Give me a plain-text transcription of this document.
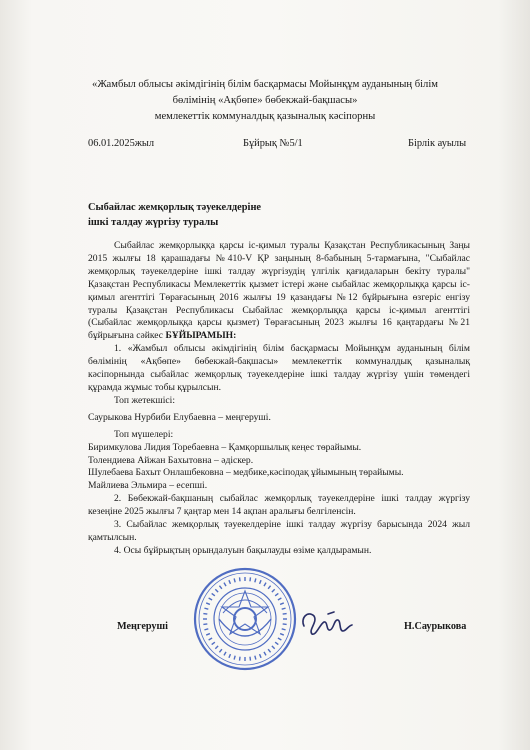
«Жамбыл облысы әкімдігінің білім басқармасы Мойынқұм ауданының білім
бөлімінің «Ақбөпе» бөбекжай-бақшасы»
мемлекеттік коммуналдық қазыналық кәсіпорны
06.01.2025жыл	Бұйрық №5/1	Бірлік ауылы
Сыбайлас жемқорлық тәуекелдеріне
ішкі талдау жүргізу туралы

Сыбайлас жемқорлыққа қарсы іс-қимыл туралы Қазақстан Республикасының Заңы 2015 жылғы 18 қарашадағы №410-V ҚР заңының 8-бабының 5-тармағына, "Сыбайлас жемқорлық тәуекелдеріне ішкі талдау жүргізудің үлгілік қағидаларын бекіту туралы" Қазақстан Республикасы Мемлекеттік қызмет істері және сыбайлас жемқорлыққа қарсы іс-қимыл агенттігі Төрағасының 2016 жылғы 19 қазандағы №12 бұйрығына өзгеріс енгізу туралы Қазақстан Республикасы Сыбайлас жемқорлыққа қарсы іс-қимыл агенттігі (Сыбайлас жемқорлыққа қарсы қызмет) Төрағасының 2023 жылғы 16 қаңтардағы №21 бұйрығына сәйкес БҰЙЫРАМЫН:

1. «Жамбыл облысы әкімдігінің білім басқармасы Мойынқұм ауданының білім бөлімінің «Ақбөпе» бөбекжай-бақшасы» мемлекеттік коммуналдық қазыналық кәсіпорнында сыбайлас жемқорлық тәуекелдеріне ішкі талдау жүргізу үшін төмендегі құрамда жұмыс тобы құрылсын.

Топ жетекшісі:

Саурыкова Нурбиби Елубаевна – меңгеруші.

Топ мүшелері:

Биримкулова Лидия Торебаевна – Қамқоршылық кеңес төрайымы.

Толендиева Айжан Бахытовна – әдіскер.

Шулебаева Бахыт Онлашбековна – медбике,кәсіподақ ұйымының төрайымы.

Майлиева Эльмира – есепші.

2. Бөбекжай-бақшаның сыбайлас жемқорлық тәуекелдеріне ішкі талдау жүргізу кезеңіне 2025 жылғы 7 қаңтар мен 14 ақпан аралығы белгіленсін.

3. Сыбайлас жемқорлық тәуекелдеріне ішкі талдау жүргізу барысында 2024 жыл қамтылсын.

4. Осы бұйрықтың орындалуын бақылауды өзіме қалдырамын.

Меңгеруші	Н.Саурыкова
